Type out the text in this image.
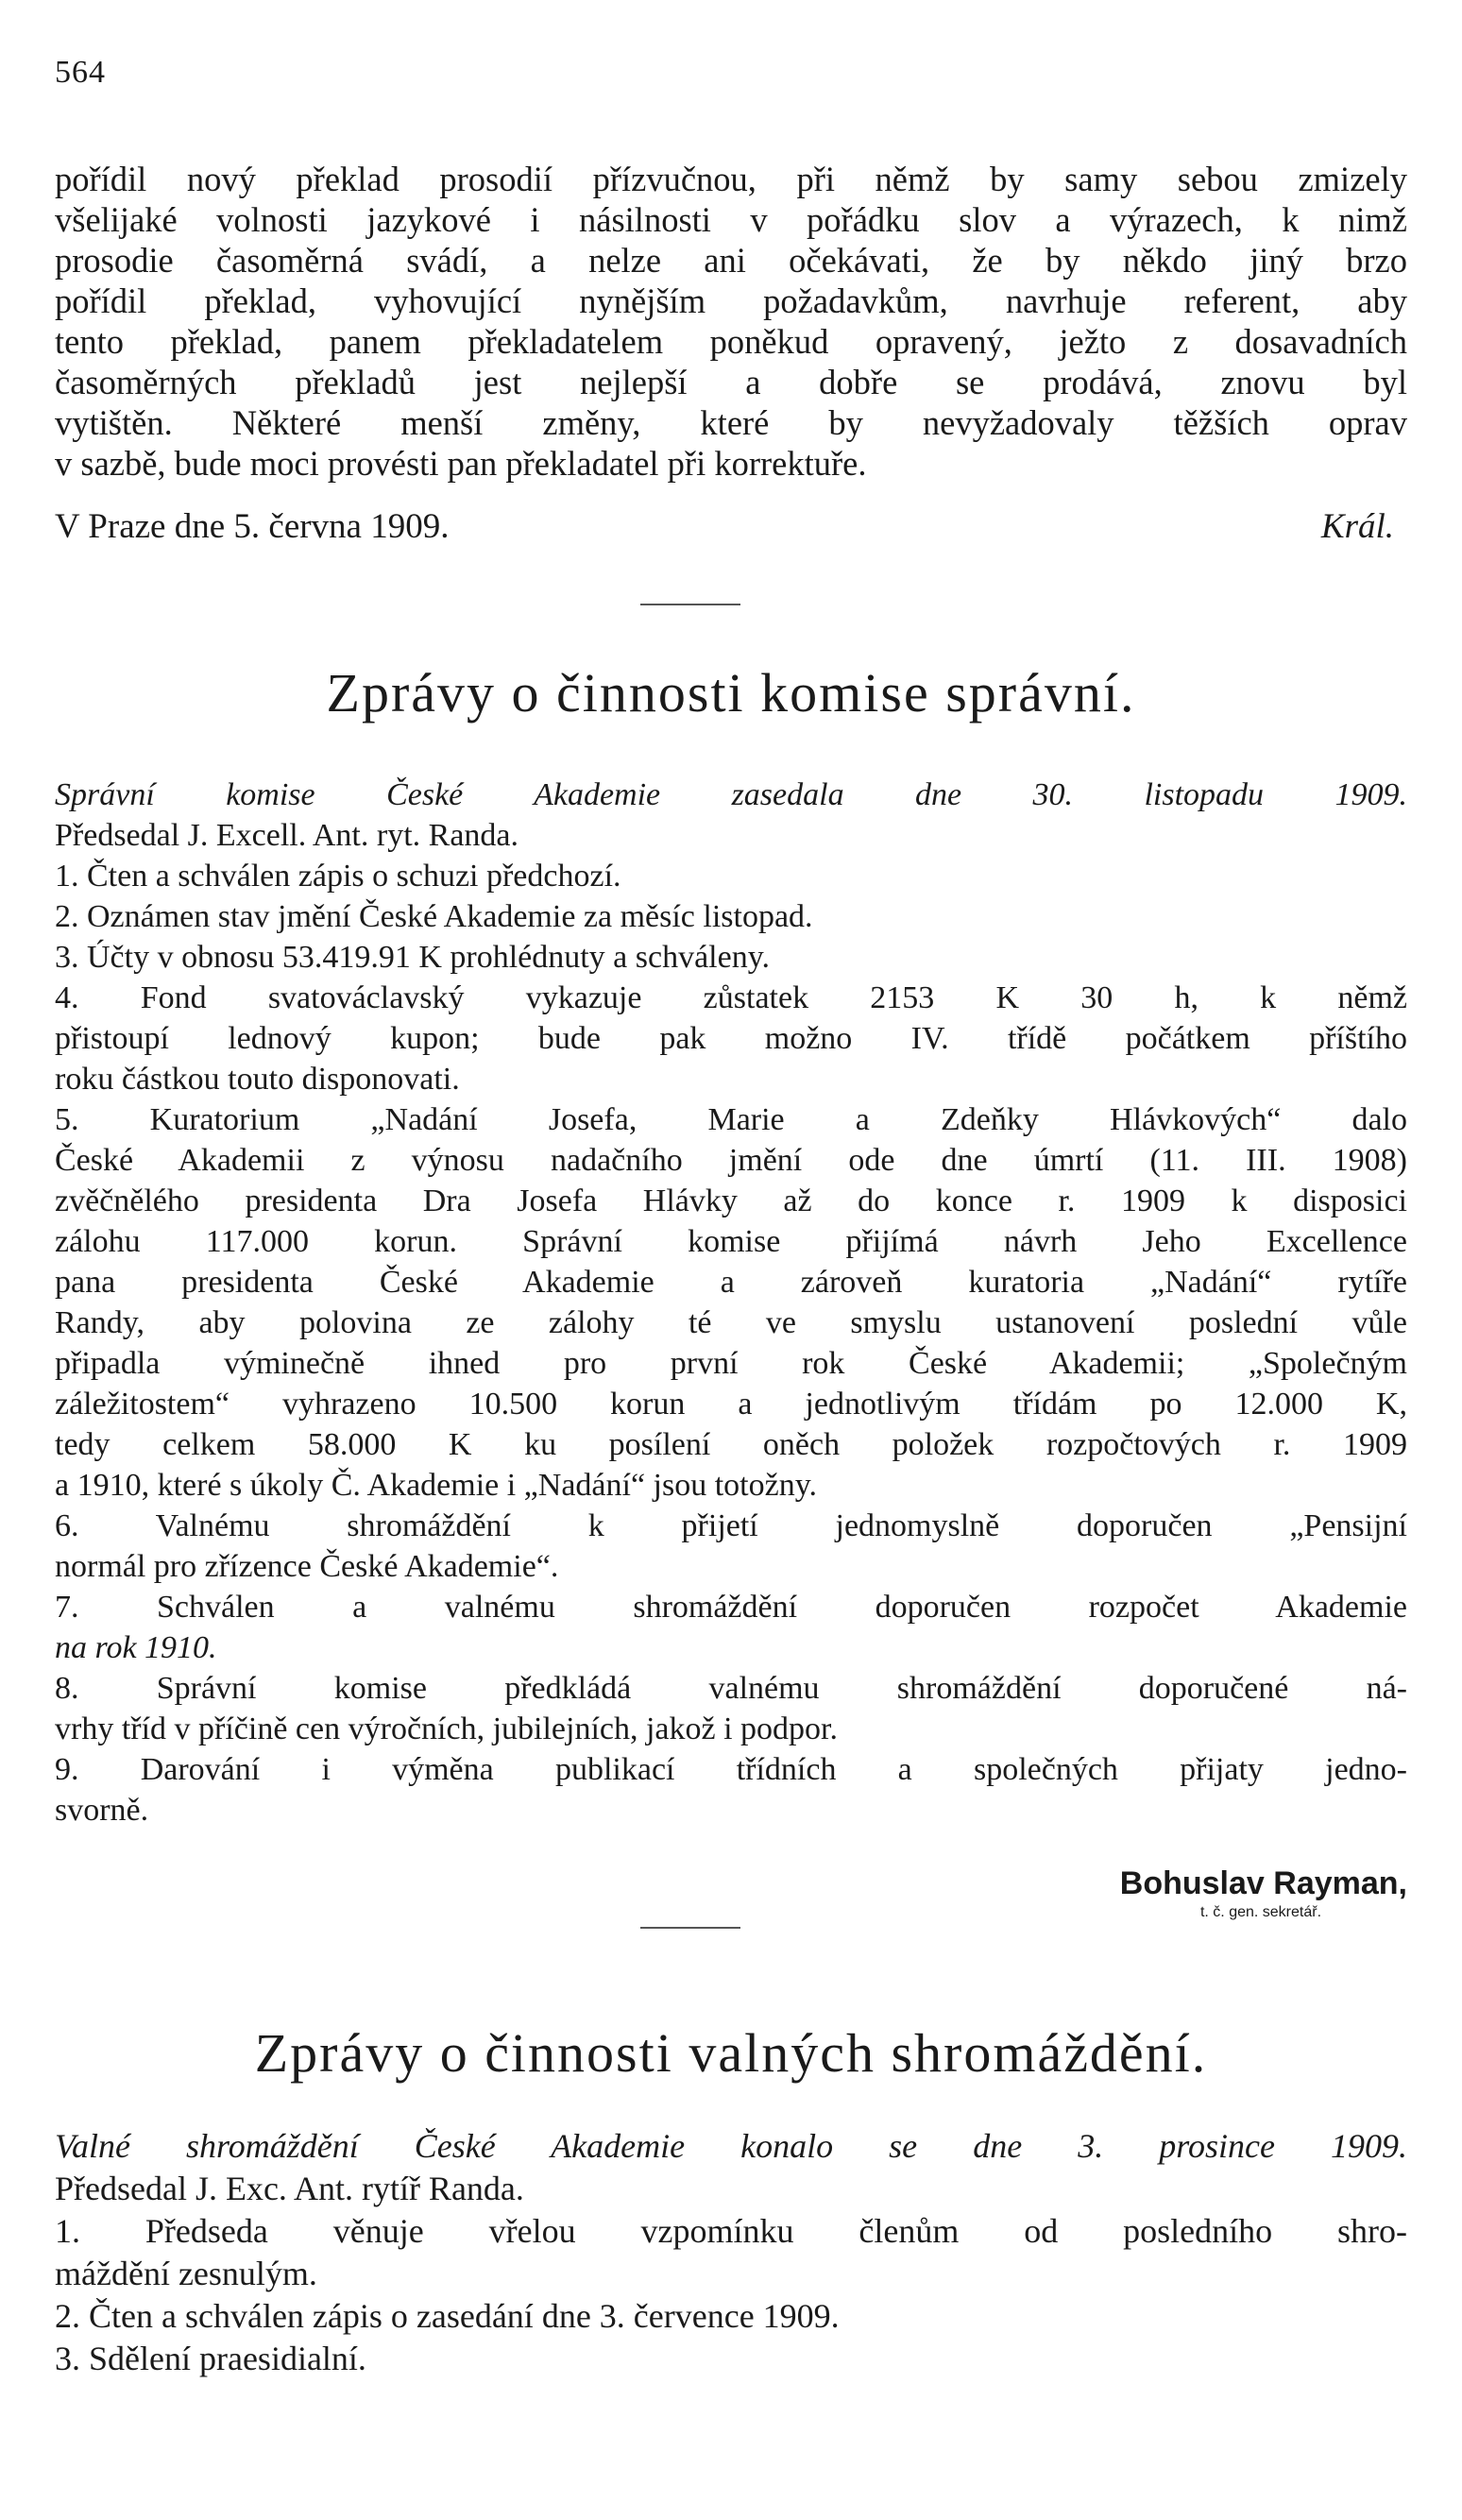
564
pořídil nový překlad prosodií přízvučnou, při němž by samy sebou zmizely
všelijaké volnosti jazykové i násilnosti v pořádku slov a výrazech, k nimž
prosodie časoměrná svádí, a nelze ani očekávati, že by někdo jiný brzo
pořídil překlad, vyhovující nynějším požadavkům, navrhuje referent, aby
tento překlad, panem překladatelem poněkud opravený, ježto z dosavadních
časoměrných překladů jest nejlepší a dobře se prodává, znovu byl
vytištěn. Některé menší změny, které by nevyžadovaly těžších oprav
v sazbě, bude moci provésti pan překladatel při korrektuře.
V Praze dne 5. června 1909.	Král.
Zprávy o činnosti komise správní.
Správní komise České Akademie zasedala dne 30. listopadu 1909.
Předsedal J. Excell. Ant. ryt. Randa.
1. Čten a schválen zápis o schuzi předchozí.
2. Oznámen stav jmění České Akademie za měsíc listopad.
3. Účty v obnosu 53.419.91 K prohlédnuty a schváleny.
4. Fond svatováclavský vykazuje zůstatek 2153 K 30 h, k němž
přistoupí lednový kupon; bude pak možno IV. třídě počátkem příštího
roku částkou touto disponovati.
5. Kuratorium „Nadání Josefa, Marie a Zdeňky Hlávkových“ dalo
České Akademii z výnosu nadačního jmění ode dne úmrtí (11. III. 1908)
zvěčnělého presidenta Dra Josefa Hlávky až do konce r. 1909 k disposici
zálohu 117.000 korun. Správní komise přijímá návrh Jeho Excellence
pana presidenta České Akademie a zároveň kuratoria „Nadání“ rytíře
Randy, aby polovina ze zálohy té ve smyslu ustanovení poslední vůle
připadla výminečně ihned pro první rok České Akademii; „Společným
záležitostem“ vyhrazeno 10.500 korun a jednotlivým třídám po 12.000 K,
tedy celkem 58.000 K ku posílení oněch položek rozpočtových r. 1909
a 1910, které s úkoly Č. Akademie i „Nadání“ jsou totožny.
6. Valnému shromáždění k přijetí jednomyslně doporučen „Pensijní
normál pro zřízence České Akademie“.
7. Schválen a valnému shromáždění doporučen rozpočet Akademie
na rok 1910.
8. Správní komise předkládá valnému shromáždění doporučené ná-
vrhy tříd v příčině cen výročních, jubilejních, jakož i podpor.
9. Darování i výměna publikací třídních a společných přijaty jedno-
svorně.
Bohuslav Rayman,
t. č. gen. sekretář.
Zprávy o činnosti valných shromáždění.
Valné shromáždění České Akademie konalo se dne 3. prosince 1909.
Předsedal J. Exc. Ant. rytíř Randa.
1. Předseda věnuje vřelou vzpomínku členům od posledního shro-
máždění zesnulým.
2. Čten a schválen zápis o zasedání dne 3. července 1909.
3. Sdělení praesidialní.
